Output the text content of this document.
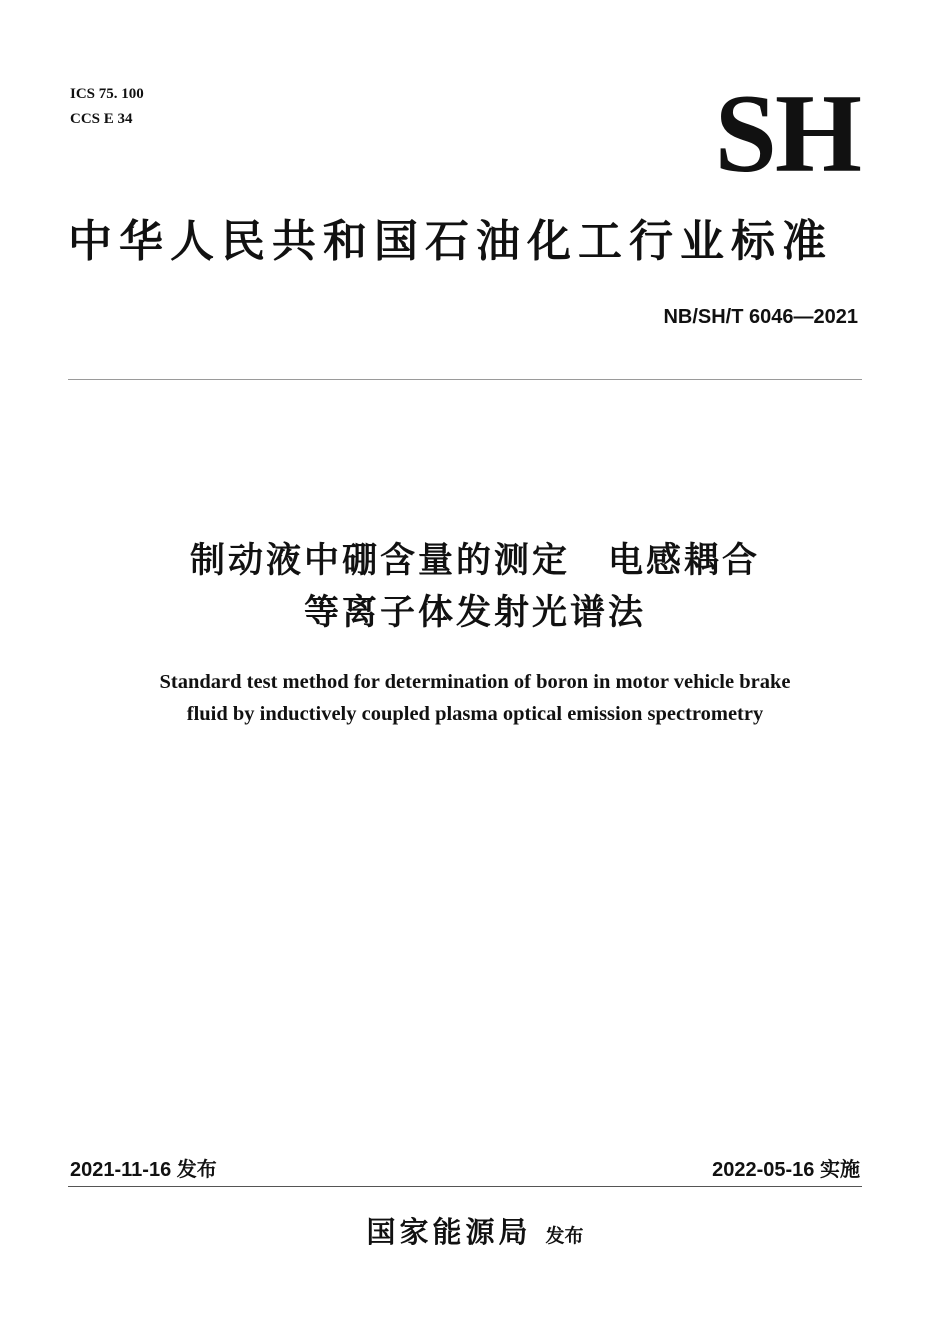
ICS 75. 100
CCS E 34	SH
中华人民共和国石油化工行业标准
NB/SH/T 6046—2021
制动液中硼含量的测定　电感耦合
等离子体发射光谱法
Standard test method for determination of boron in motor vehicle brake
fluid by inductively coupled plasma optical emission spectrometry
2021-11-16 发布	2022-05-16 实施
国家能源局 发布
